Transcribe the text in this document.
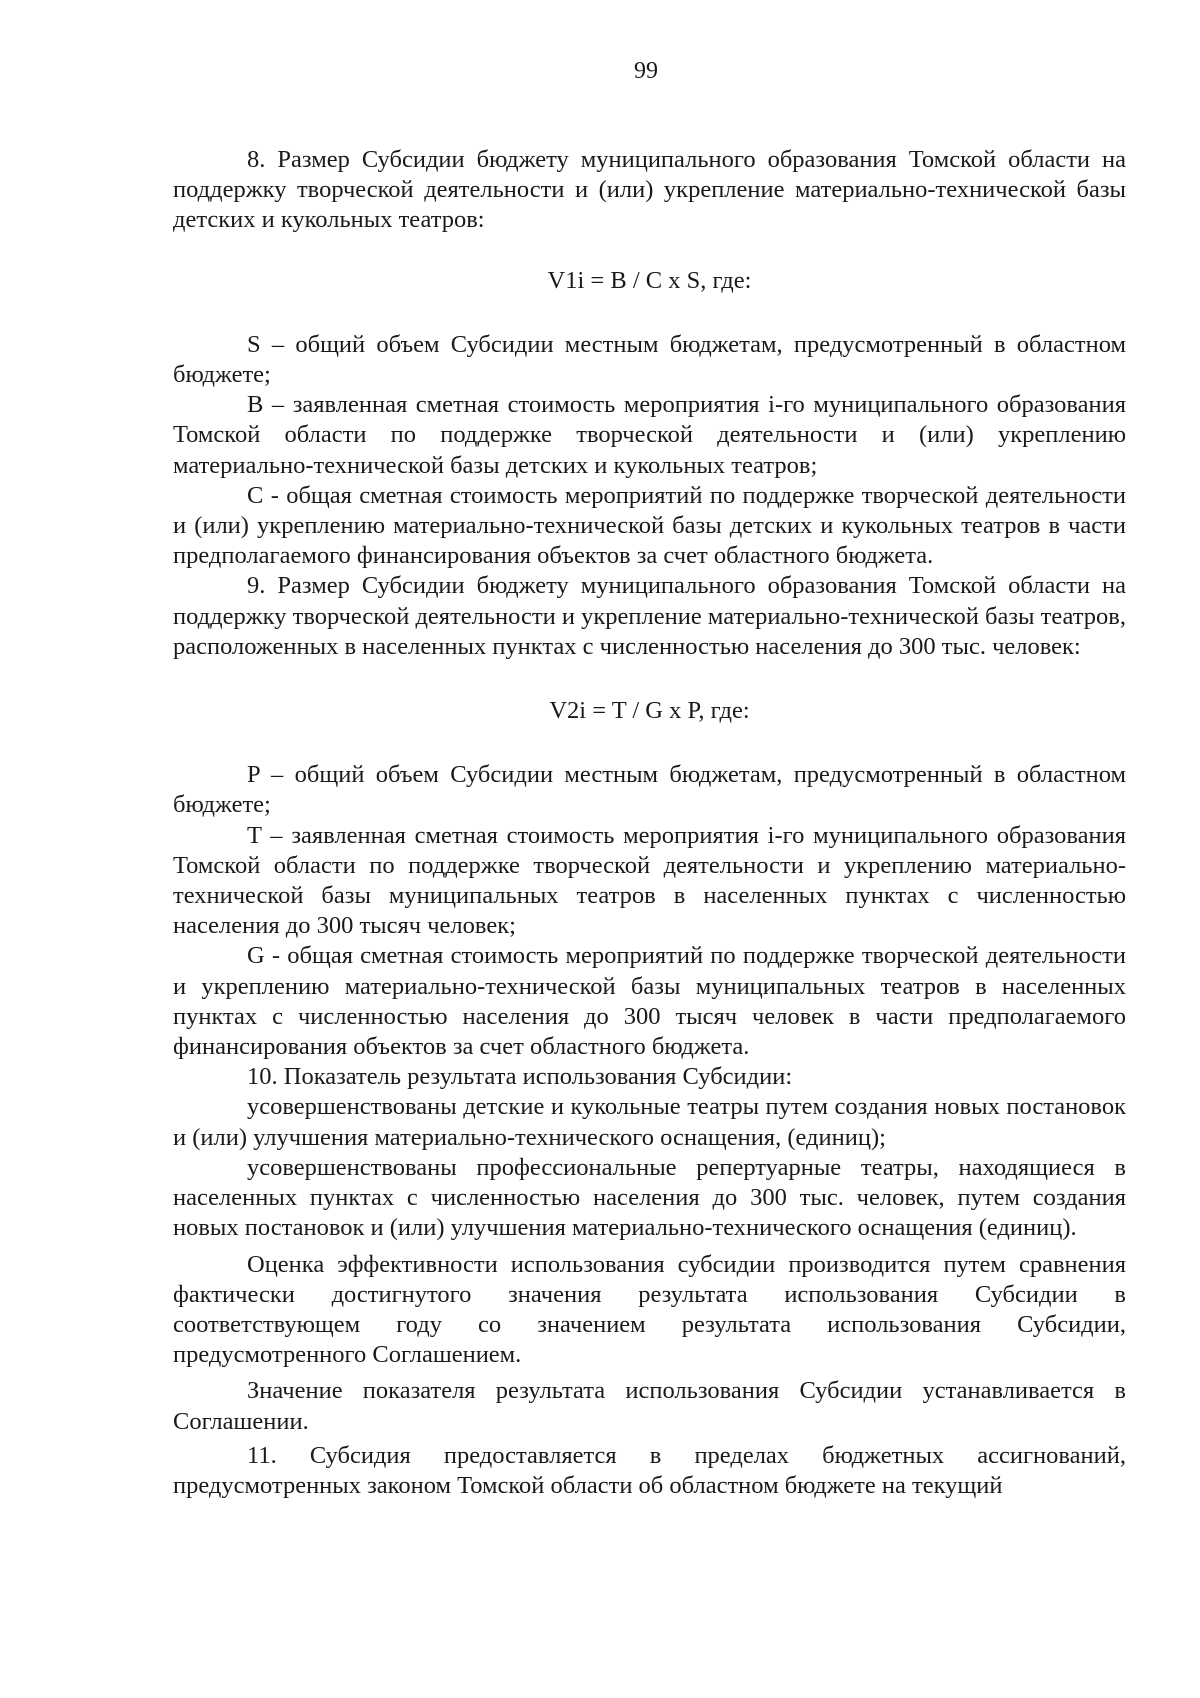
99

8. Размер Субсидии бюджету муниципального образования Томской области на поддержку творческой деятельности и (или) укрепление материально-технической базы детских и кукольных театров:

V1i = B / C x S, где:

S – общий объем Субсидии местным бюджетам, предусмотренный в областном бюджете;

B – заявленная сметная стоимость мероприятия i-го муниципального образования Томской области по поддержке творческой деятельности и (или) укреплению материально-технической базы детских и кукольных театров;

C - общая сметная стоимость мероприятий по поддержке творческой деятельности и (или) укреплению материально-технической базы детских и кукольных театров в части предполагаемого финансирования объектов за счет областного бюджета.

9. Размер Субсидии бюджету муниципального образования Томской области на поддержку творческой деятельности и укрепление материально-технической базы театров, расположенных в населенных пунктах с численностью населения до 300 тыс. человек:

V2i = T / G x P, где:

P – общий объем Субсидии местным бюджетам, предусмотренный в областном бюджете;

T – заявленная сметная стоимость мероприятия i-го муниципального образования Томской области по поддержке творческой деятельности и укреплению материально-технической базы муниципальных театров в населенных пунктах с численностью населения до 300 тысяч человек;

G - общая сметная стоимость мероприятий по поддержке творческой деятельности и укреплению материально-технической базы муниципальных театров в населенных пунктах с численностью населения до 300 тысяч человек в части предполагаемого финансирования объектов за счет областного бюджета.

10. Показатель результата использования Субсидии:

усовершенствованы детские и кукольные театры путем создания новых постановок и (или) улучшения материально-технического оснащения, (единиц);

усовершенствованы профессиональные репертуарные театры, находящиеся в населенных пунктах с численностью населения до 300 тыс. человек, путем создания новых постановок и (или) улучшения материально-технического оснащения (единиц).

Оценка эффективности использования субсидии производится путем сравнения фактически достигнутого значения результата использования Субсидии в соответствующем году со значением результата использования Субсидии, предусмотренного Соглашением.

Значение показателя результата использования Субсидии устанавливается в Соглашении.

11. Субсидия предоставляется в пределах бюджетных ассигнований, предусмотренных законом Томской области об областном бюджете на текущий
